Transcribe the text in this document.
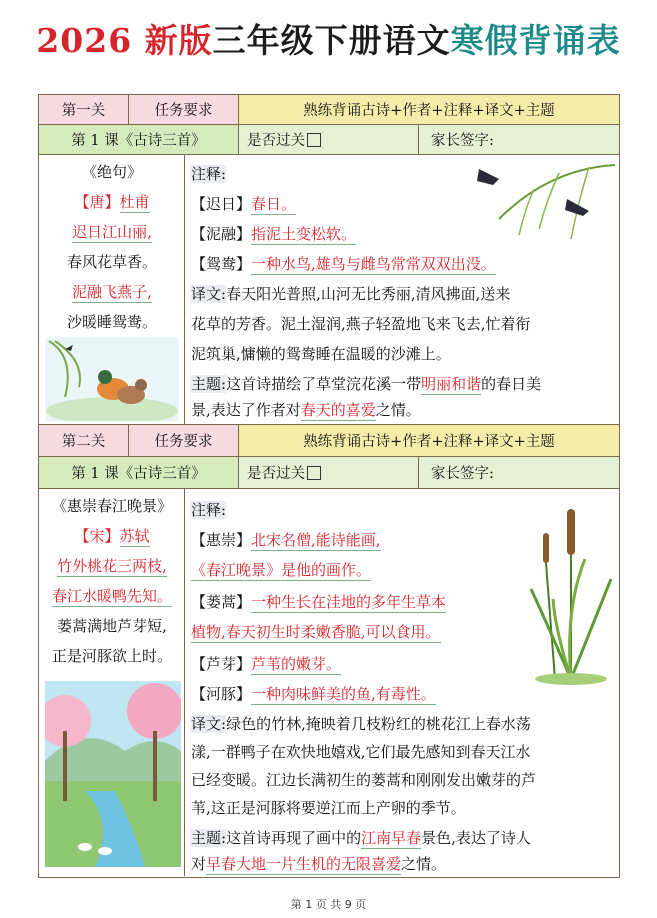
2026 新版三年级下册语文寒假背诵表
第一关	任务要求	熟练背诵古诗+作者+注释+译文+主题
第 1 课《古诗三首》	是否过关	家长签字:
《绝句》
【唐】杜甫
迟日江山丽,
春风花草香。
泥融飞燕子,
沙暖睡鸳鸯。
注释:
【迟日】春日。
【泥融】指泥土变松软。
【鸳鸯】一种水鸟,雄鸟与雌鸟常常双双出没。
译文:春天阳光普照,山河无比秀丽,清风拂面,送来
花草的芳香。泥土湿润,燕子轻盈地飞来飞去,忙着衔
泥筑巢,慵懒的鸳鸯睡在温暖的沙滩上。
主题:这首诗描绘了草堂浣花溪一带明丽和谐的春日美
景,表达了作者对春天的喜爱之情。
第二关	任务要求	熟练背诵古诗+作者+注释+译文+主题
第 1 课《古诗三首》	是否过关	家长签字:
《惠崇春江晚景》
【宋】苏轼
竹外桃花三两枝,
春江水暖鸭先知。
蒌蒿满地芦芽短,
正是河豚欲上时。
注释:
【惠崇】北宋名僧,能诗能画,
《春江晚景》是他的画作。
【蒌蒿】一种生长在洼地的多年生草本
植物,春天初生时柔嫩香脆,可以食用。
【芦芽】芦苇的嫩芽。
【河豚】一种肉味鲜美的鱼,有毒性。
译文:绿色的竹林,掩映着几枝粉红的桃花江上春水荡
漾,一群鸭子在欢快地嬉戏,它们最先感知到春天江水
已经变暖。江边长满初生的蒌蒿和刚刚发出嫩芽的芦
苇,这正是河豚将要逆江而上产卵的季节。
主题:这首诗再现了画中的江南早春景色,表达了诗人
对早春大地一片生机的无限喜爱之情。
第 1 页 共 9 页
